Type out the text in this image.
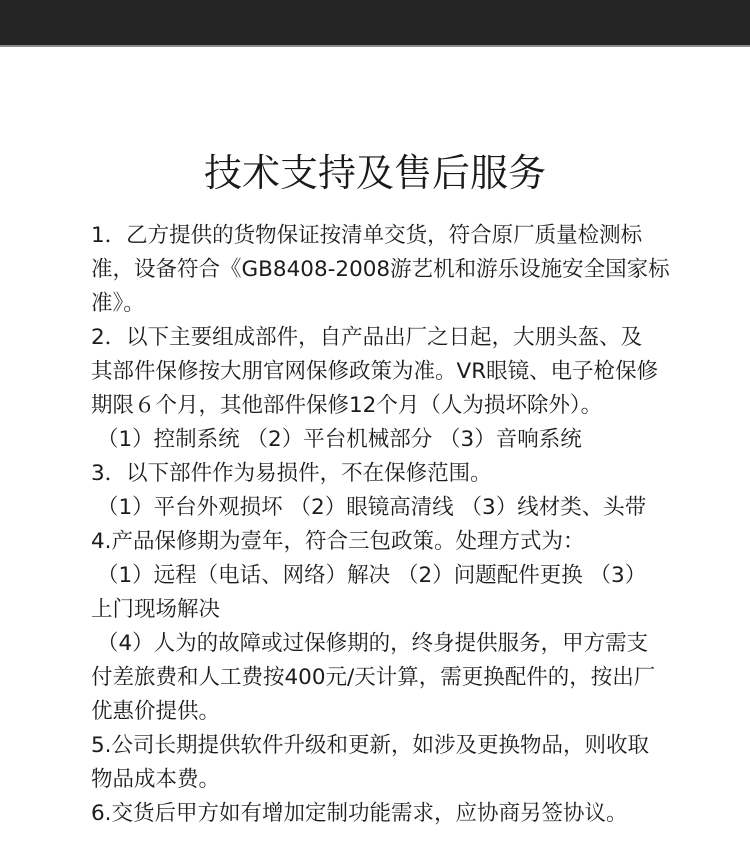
技术支持及售后服务
1．乙方提供的货物保证按清单交货，符合原厂质量检测标
准，设备符合《GB8408-2008游艺机和游乐设施安全国家标
准》。
2．以下主要组成部件，自产品出厂之日起，大朋头盔、及
其部件保修按大朋官网保修政策为准。VR眼镜、电子枪保修
期限６个月，其他部件保修12个月（人为损坏除外）。
（1）控制系统 （2）平台机械部分 （3）音响系统
3．以下部件作为易损件，不在保修范围。
（1）平台外观损坏 （2）眼镜高清线 （3）线材类、头带
4.产品保修期为壹年，符合三包政策。处理方式为：
（1）远程（电话、网络）解决 （2）问题配件更换 （3）
上门现场解决
（4）人为的故障或过保修期的，终身提供服务，甲方需支
付差旅费和人工费按400元/天计算，需更换配件的，按出厂
优惠价提供。
5.公司长期提供软件升级和更新，如涉及更换物品，则收取
物品成本费。
6.交货后甲方如有增加定制功能需求，应协商另签协议。
